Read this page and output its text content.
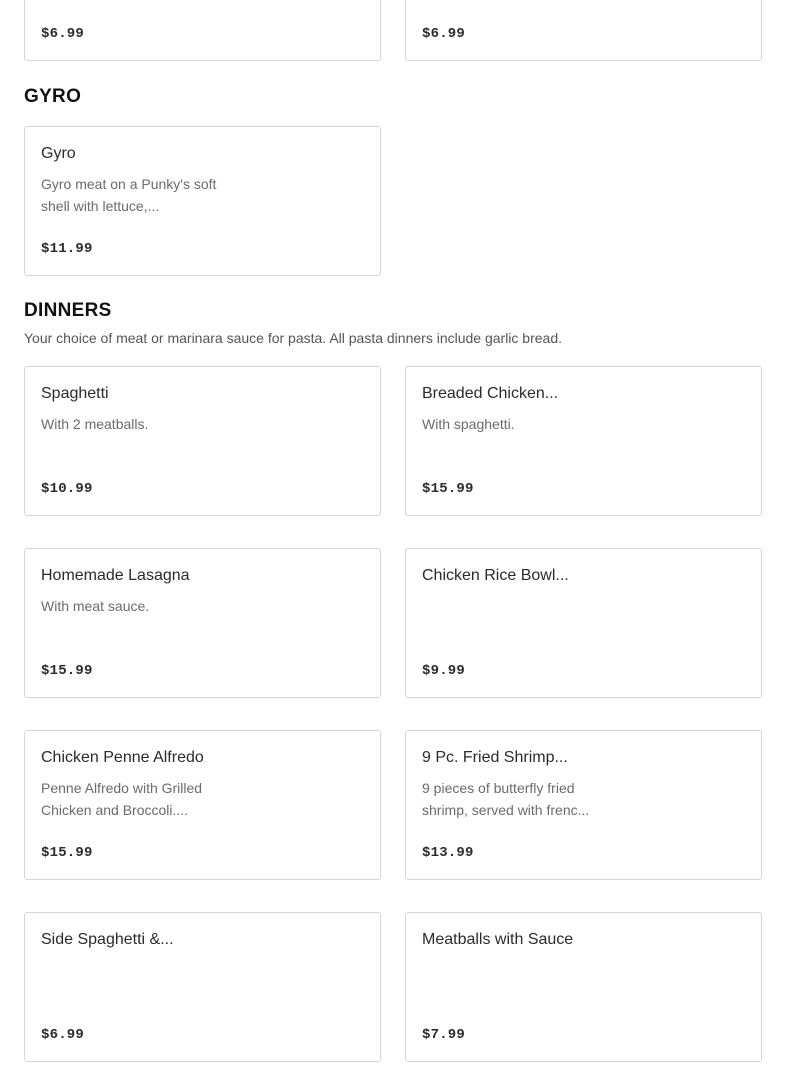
$6.99	$6.99
GYRO
Gyro
Gyro meat on a Punky's soft shell with lettuce,...
$11.99
DINNERS
Your choice of meat or marinara sauce for pasta. All pasta dinners include garlic bread.
Spaghetti
With 2 meatballs.
$10.99
Breaded Chicken...
With spaghetti.
$15.99
Homemade Lasagna
With meat sauce.
$15.99
Chicken Rice Bowl...
$9.99
Chicken Penne Alfredo
Penne Alfredo with Grilled Chicken and Broccoli....
$15.99
9 Pc. Fried Shrimp...
9 pieces of butterfly fried shrimp, served with frenc...
$13.99
Side Spaghetti &...
$6.99
Meatballs with Sauce
$7.99
